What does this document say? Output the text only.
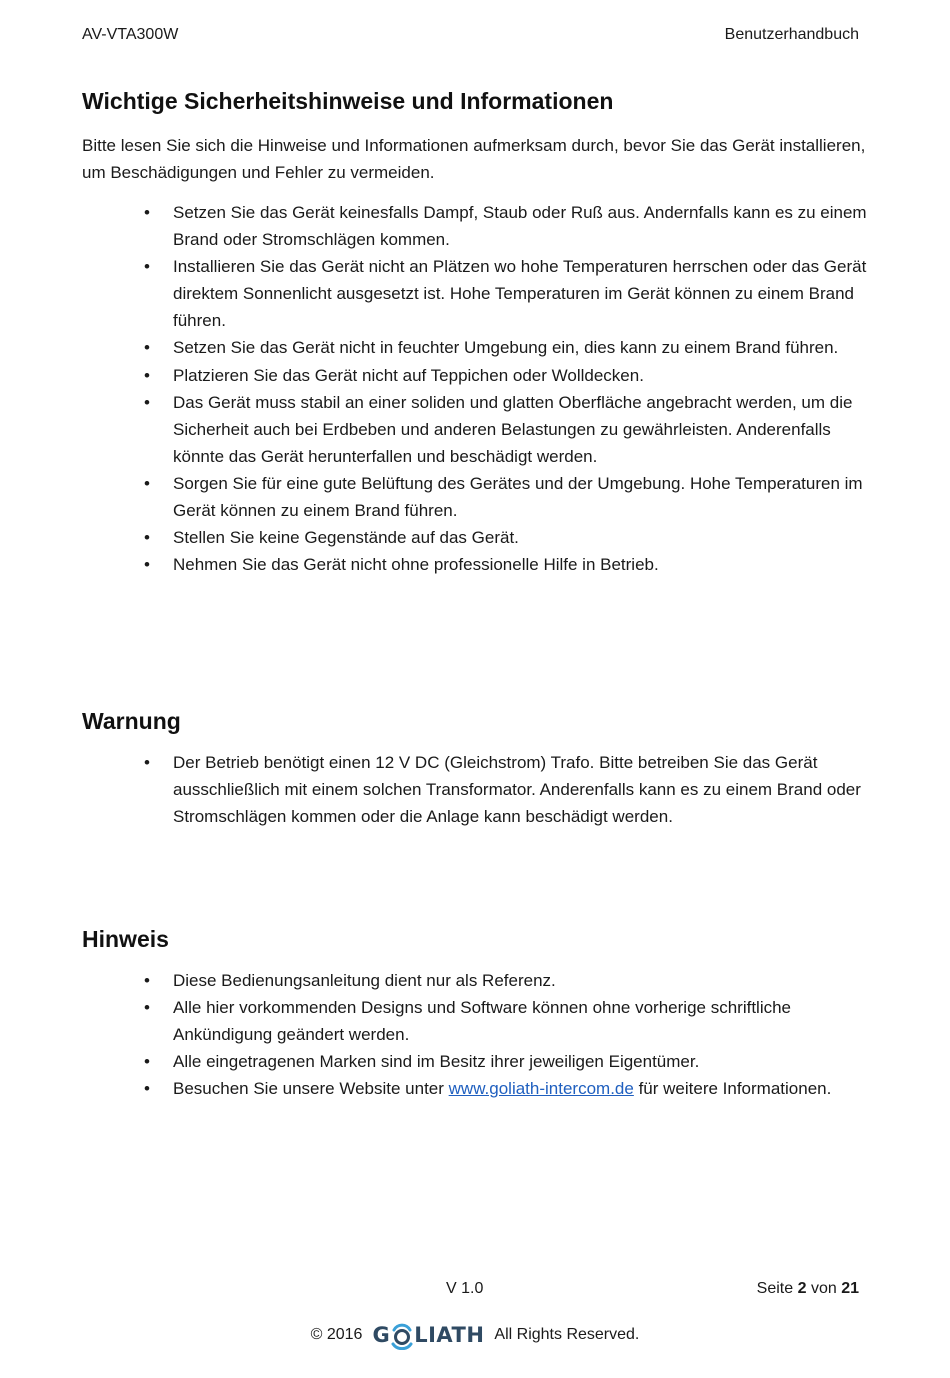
AV-VTA300W	Benutzerhandbuch
Wichtige Sicherheitshinweise und Informationen

Bitte lesen Sie sich die Hinweise und Informationen aufmerksam durch, bevor Sie das Gerät installieren, um Beschädigungen und Fehler zu vermeiden.

• Setzen Sie das Gerät keinesfalls Dampf, Staub oder Ruß aus. Andernfalls kann es zu einem Brand oder Stromschlägen kommen.
• Installieren Sie das Gerät nicht an Plätzen wo hohe Temperaturen herrschen oder das Gerät direktem Sonnenlicht ausgesetzt ist. Hohe Temperaturen im Gerät können zu einem Brand führen.
• Setzen Sie das Gerät nicht in feuchter Umgebung ein, dies kann zu einem Brand führen.
• Platzieren Sie das Gerät nicht auf Teppichen oder Wolldecken.
• Das Gerät muss stabil an einer soliden und glatten Oberfläche angebracht werden, um die Sicherheit auch bei Erdbeben und anderen Belastungen zu gewährleisten. Anderenfalls könnte das Gerät herunterfallen und beschädigt werden.
• Sorgen Sie für eine gute Belüftung des Gerätes und der Umgebung. Hohe Temperaturen im Gerät können zu einem Brand führen.
• Stellen Sie keine Gegenstände auf das Gerät.
• Nehmen Sie das Gerät nicht ohne professionelle Hilfe in Betrieb.
Warnung
• Der Betrieb benötigt einen 12 V DC (Gleichstrom) Trafo. Bitte betreiben Sie das Gerät ausschließlich mit einem solchen Transformator. Anderenfalls kann es zu einem Brand oder Stromschlägen kommen oder die Anlage kann beschädigt werden.
Hinweis
• Diese Bedienungsanleitung dient nur als Referenz.
• Alle hier vorkommenden Designs und Software können ohne vorherige schriftliche Ankündigung geändert werden.
• Alle eingetragenen Marken sind im Besitz ihrer jeweiligen Eigentümer.
• Besuchen Sie unsere Website unter www.goliath-intercom.de für weitere Informationen.
V 1.0	Seite 2 von 21
© 2016 G LIATH All Rights Reserved.
